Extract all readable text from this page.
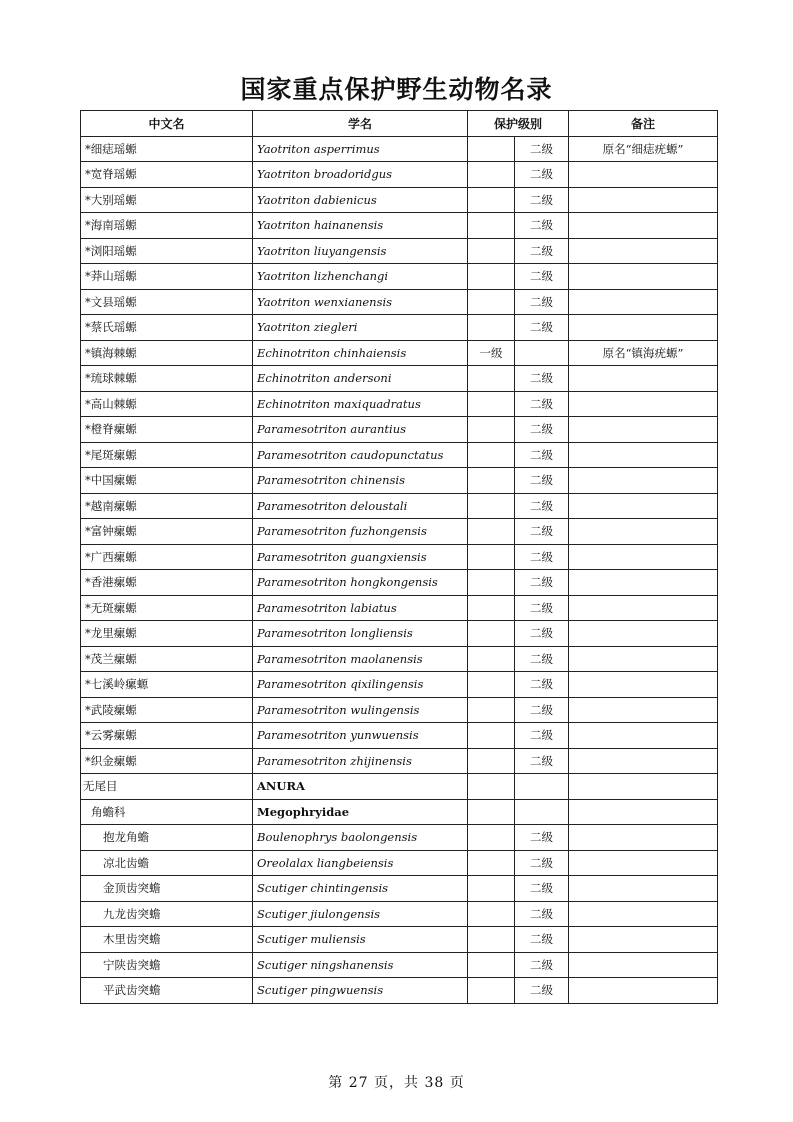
国家重点保护野生动物名录
中文名	学名	保护级别		备注
*细痣瑶螈	Yaotriton asperrimus		二级	原名“细痣疣螈”
*宽脊瑶螈	Yaotriton broadoridgus		二级	
*大别瑶螈	Yaotriton dabienicus		二级	
*海南瑶螈	Yaotriton hainanensis		二级	
*浏阳瑶螈	Yaotriton liuyangensis		二级	
*莽山瑶螈	Yaotriton lizhenchangi		二级	
*文县瑶螈	Yaotriton wenxianensis		二级	
*蔡氏瑶螈	Yaotriton ziegleri		二级	
*镇海棘螈	Echinotriton chinhaiensis	一级		原名“镇海疣螈”
*琉球棘螈	Echinotriton andersoni		二级	
*高山棘螈	Echinotriton maxiquadratus		二级	
*橙脊瘰螈	Paramesotriton aurantius		二级	
*尾斑瘰螈	Paramesotriton caudopunctatus		二级	
*中国瘰螈	Paramesotriton chinensis		二级	
*越南瘰螈	Paramesotriton deloustali		二级	
*富钟瘰螈	Paramesotriton fuzhongensis		二级	
*广西瘰螈	Paramesotriton guangxiensis		二级	
*香港瘰螈	Paramesotriton hongkongensis		二级	
*无斑瘰螈	Paramesotriton labiatus		二级	
*龙里瘰螈	Paramesotriton longliensis		二级	
*茂兰瘰螈	Paramesotriton maolanensis		二级	
*七溪岭瘰螈	Paramesotriton qixilingensis		二级	
*武陵瘰螈	Paramesotriton wulingensis		二级	
*云雾瘰螈	Paramesotriton yunwuensis		二级	
*织金瘰螈	Paramesotriton zhijinensis		二级	
无尾目	ANURA			
角蟾科	Megophryidae			
抱龙角蟾	Boulenophrys baolongensis		二级	
凉北齿蟾	Oreolalax liangbeiensis		二级	
金顶齿突蟾	Scutiger chintingensis		二级	
九龙齿突蟾	Scutiger jiulongensis		二级	
木里齿突蟾	Scutiger muliensis		二级	
宁陕齿突蟾	Scutiger ningshanensis		二级	
平武齿突蟾	Scutiger pingwuensis		二级	
第 27 页，共 38 页
